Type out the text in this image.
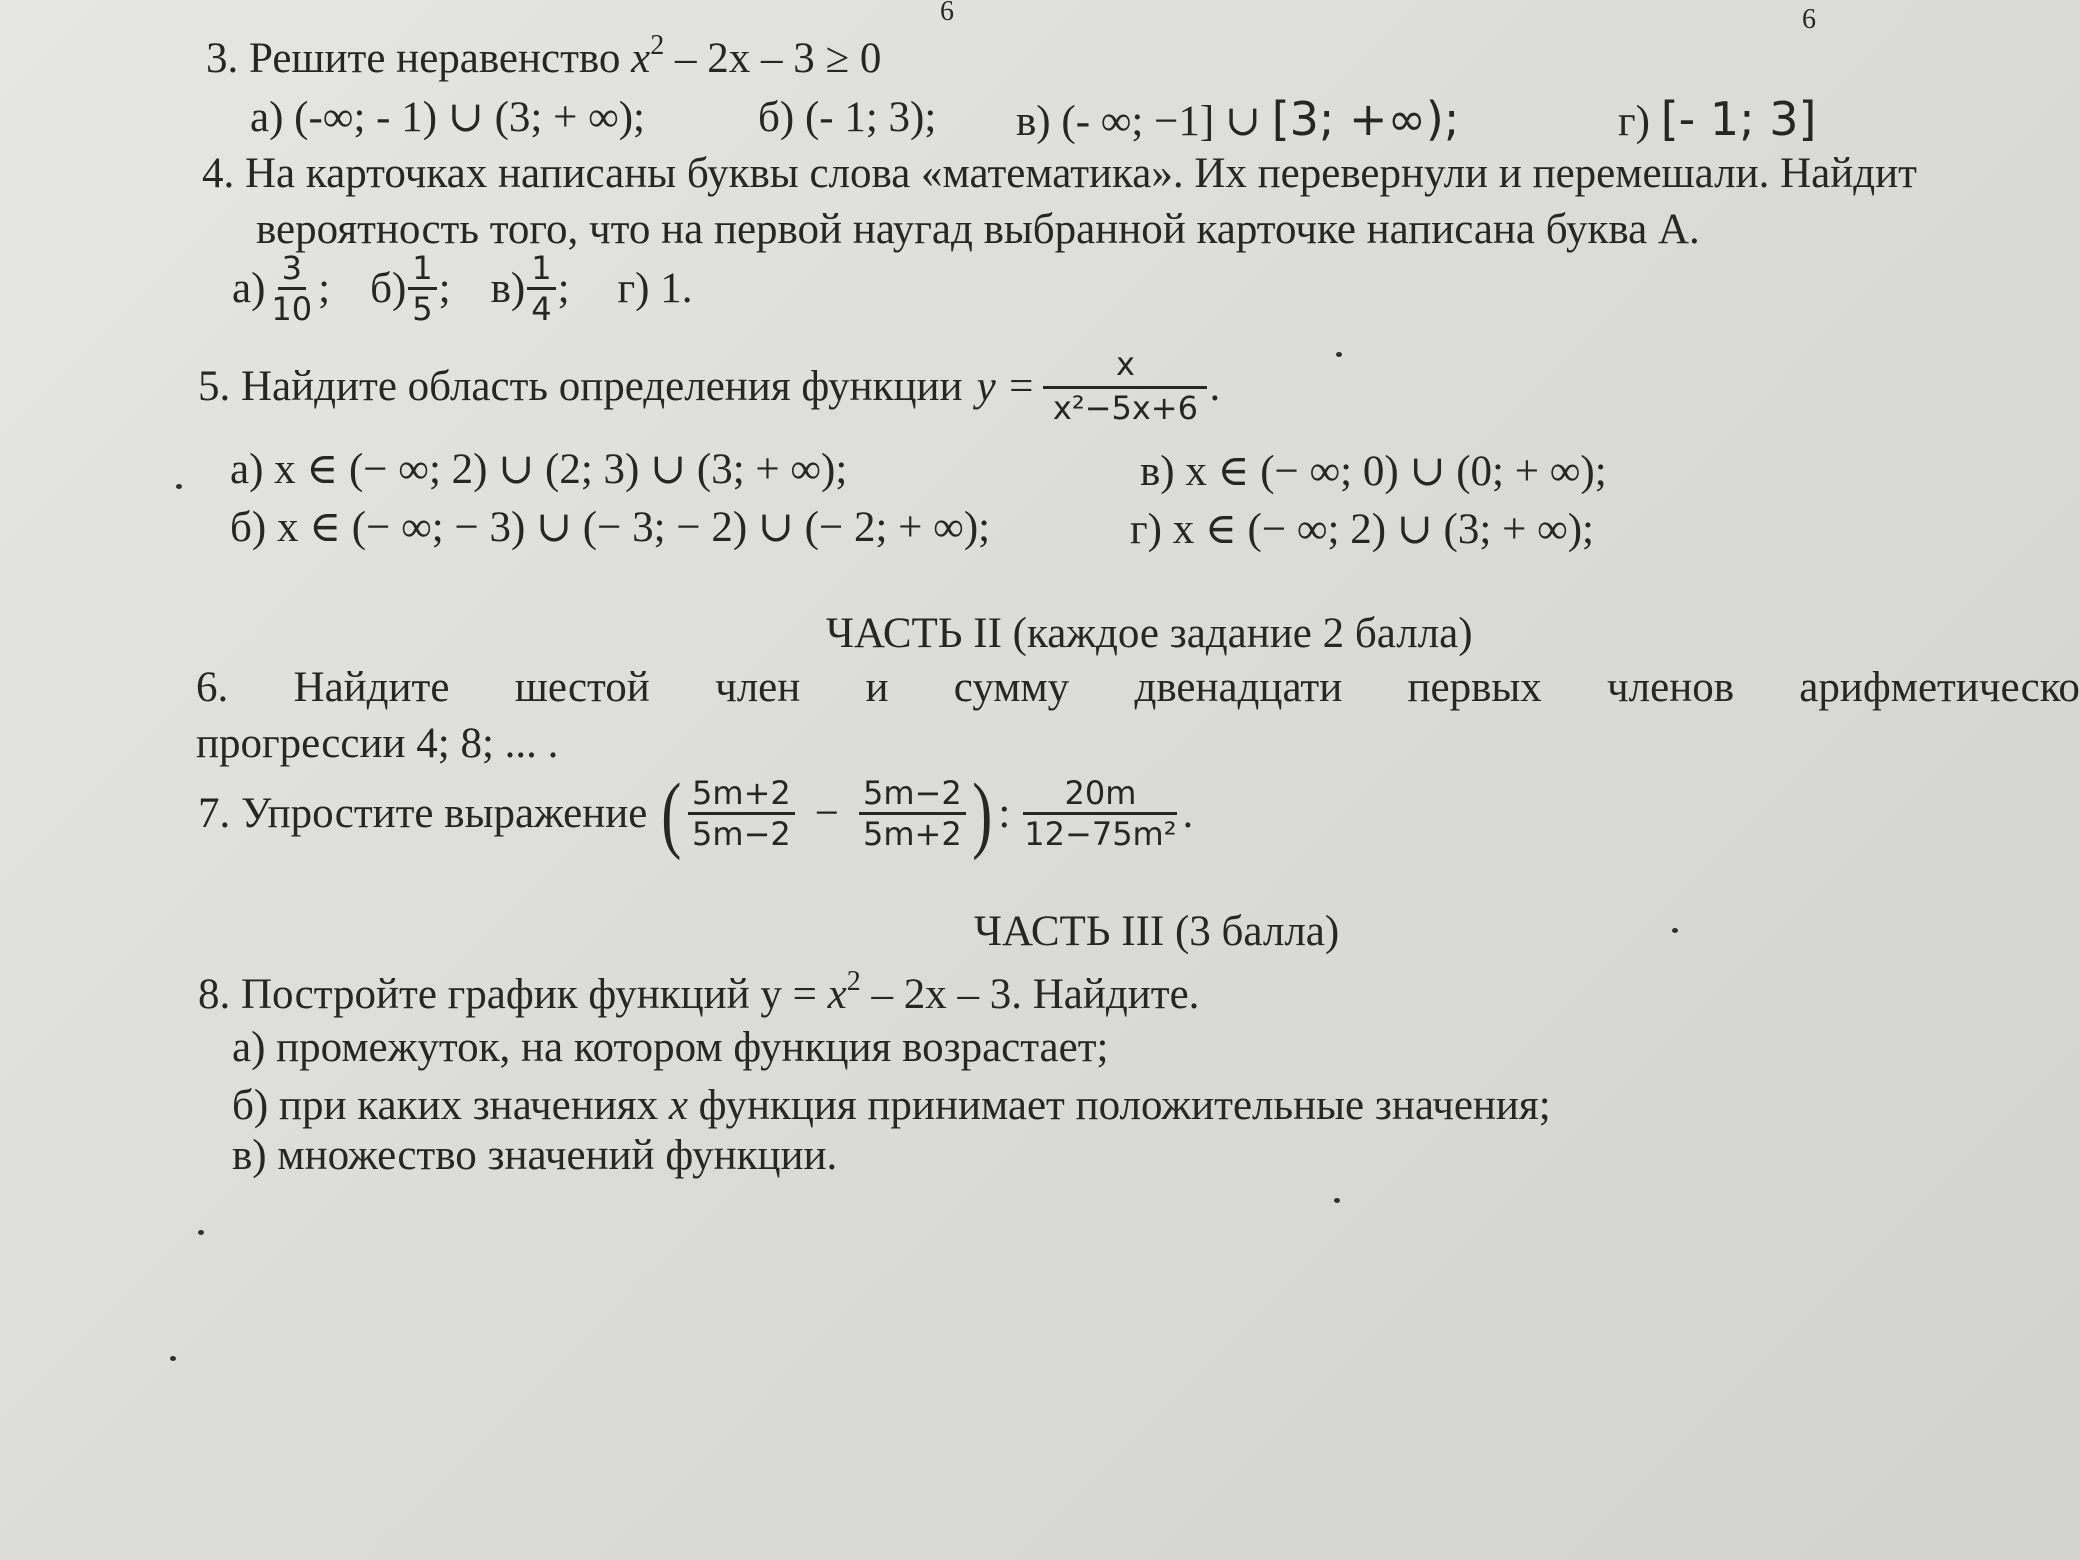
6	6
3. Решите неравенство $x^2 - 2x - 3 \ge 0$
а) (-∞; - 1) ∪ (3; + ∞);	б) (- 1; 3); в) (- ∞; −1] ∪ [3; +∞);	г) [- 1; 3]
4. На карточках написаны буквы слова «математика». Их перевернули и перемешали. Найдит
вероятность того, что на первой наугад выбранной карточке написана буква А.
$а) \frac{3}{10}$ ; $б) \frac{1}{5}$ ; $в) \frac{1}{4}$ ; г) 1.
5. Найдите область определения функции $y = \frac{x}{\text{x²−5x+6}}$ .
а) x ∈ (− ∞; 2) ∪ (2; 3) ∪ (3; + ∞);	в) x ∈ (− ∞; 0) ∪ (0; + ∞);
б) x ∈ (− ∞; − 3) ∪ (− 3; − 2) ∪ (− 2; + ∞);	г) x ∈ (− ∞; 2) ∪ (3; + ∞);
ЧАСТЬ II (каждое задание 2 балла)
6. Найдите шестой член и сумму двенадцати первых членов арифметическо
прогрессии 4; 8; ... .
7. Упростите выражение ( $\frac{5m+2}{5m-2} - \frac{5m-2}{5m+2}$ ) : $\frac{20m}{\text{12−75m²}}$ .
ЧАСТЬ III (3 балла)
8. Постройте график функций $y = x^2 - 2x - 3$. Найдите.
а) промежуток, на котором функция возрастает;
б) при каких значениях x функция принимает положительные значения;
в) множество значений функции.
